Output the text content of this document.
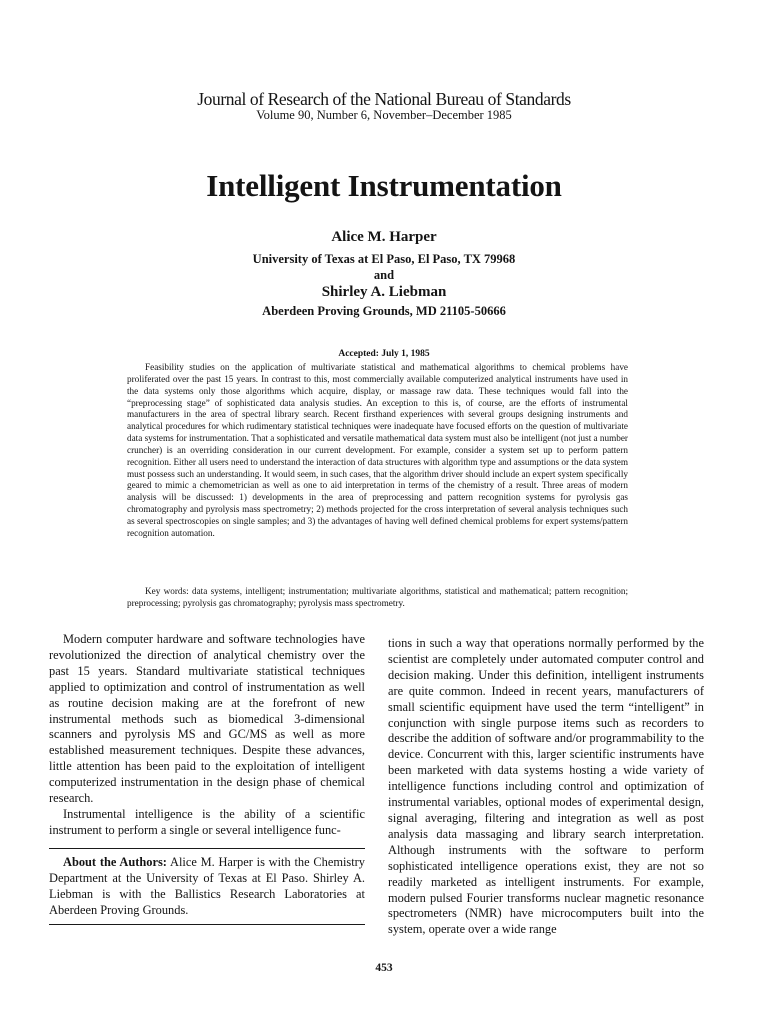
Journal of Research of the National Bureau of Standards
Volume 90, Number 6, November–December 1985
Intelligent Instrumentation
Alice M. Harper
University of Texas at El Paso, El Paso, TX 79968
and
Shirley A. Liebman
Aberdeen Proving Grounds, MD 21105-50666
Accepted: July 1, 1985

Feasibility studies on the application of multivariate statistical and mathematical algorithms to chemical problems have proliferated over the past 15 years. In contrast to this, most commercially available computerized analytical instruments have used in the data systems only those algorithms which acquire, display, or massage raw data. These techniques would fall into the “preprocessing stage” of sophisticated data analysis studies. An exception to this is, of course, are the efforts of instrumental manufacturers in the area of spectral library search. Recent firsthand experiences with several groups designing instruments and analytical procedures for which rudimentary statistical techniques were inadequate have focused efforts on the question of multivariate data systems for instrumentation. That a sophisticated and versatile mathematical data system must also be intelligent (not just a number cruncher) is an overriding consideration in our current development. For example, consider a system set up to perform pattern recognition. Either all users need to understand the interaction of data structures with algorithm type and assumptions or the data system must possess such an understanding. It would seem, in such cases, that the algorithm driver should include an expert system specifically geared to mimic a chemometrician as well as one to aid interpretation in terms of the chemistry of a result. Three areas of modern analysis will be discussed: 1) developments in the area of preprocessing and pattern recognition systems for pyrolysis gas chromatography and pyrolysis mass spectrometry; 2) methods projected for the cross interpretation of several analysis techniques such as several spectroscopies on single samples; and 3) the advantages of having well defined chemical problems for expert systems/pattern recognition automation.

Key words: data systems, intelligent; instrumentation; multivariate algorithms, statistical and mathematical; pattern recognition; preprocessing; pyrolysis gas chromatography; pyrolysis mass spectrometry.

Modern computer hardware and software technologies have revolutionized the direction of analytical chemistry over the past 15 years. Standard multivariate statistical techniques applied to optimization and control of instrumentation as well as routine decision making are at the forefront of new instrumental methods such as biomedical 3-dimensional scanners and pyrolysis MS and GC/MS as well as more established measurement techniques. Despite these advances, little attention has been paid to the exploitation of intelligent computerized instrumentation in the design phase of chemical research.

Instrumental intelligence is the ability of a scientific instrument to perform a single or several intelligence func-

About the Authors: Alice M. Harper is with the Chemistry Department at the University of Texas at El Paso. Shirley A. Liebman is with the Ballistics Research Laboratories at Aberdeen Proving Grounds.

tions in such a way that operations normally performed by the scientist are completely under automated computer control and decision making. Under this definition, intelligent instruments are quite common. Indeed in recent years, manufacturers of small scientific equipment have used the term “intelligent” in conjunction with single purpose items such as recorders to describe the addition of software and/or programmability to the device. Concurrent with this, larger scientific instruments have been marketed with data systems hosting a wide variety of intelligence functions including control and optimization of instrumental variables, optional modes of experimental design, signal averaging, filtering and integration as well as post analysis data massaging and library search interpretation. Although instruments with the software to perform sophisticated intelligence operations exist, they are not so readily marketed as intelligent instruments. For example, modern pulsed Fourier transforms nuclear magnetic resonance spectrometers (NMR) have microcomputers built into the system, operate over a wide range

453
